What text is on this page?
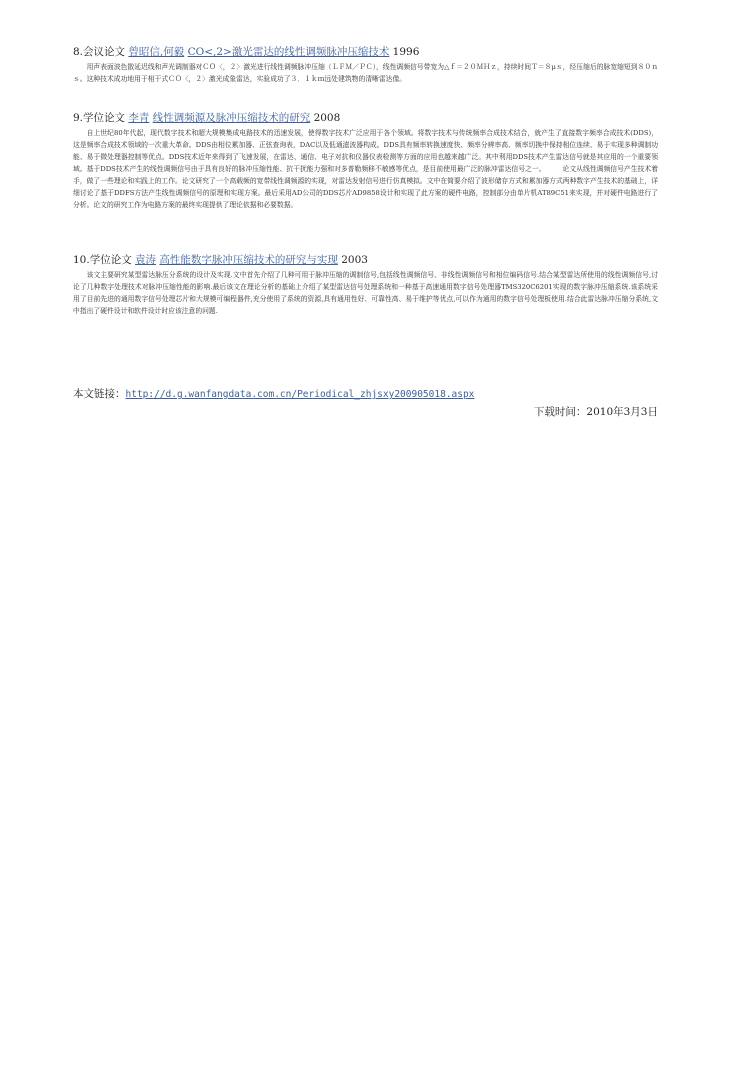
8.会议论文 曾昭信,何毅 CO<,2>激光雷达的线性调频脉冲压缩技术 1996

用声表面波色散延迟线和声光调制器对ＣＯ〈，２〉激光进行线性调频脉冲压缩（ＬＦＭ／ＰＣ），线性调频信号带宽为△ｆ＝２０ＭＨｚ，持续时间Ｔ＝８μｓ，经压缩后的脉宽缩短到８０ｎｓ。这种技术成功地用于相干式ＣＯ〈，２〉激光成象雷达，实验成功了３．１ｋｍ远处建筑物的清晰雷达像。

9.学位论文 李青 线性调频源及脉冲压缩技术的研究 2008

自上世纪80年代起，现代数字技术和超大规模集成电路技术的迅速发展，使得数字技术广泛应用于各个领域。将数字技术与传统频率合成技术结合，就产生了直接数字频率合成技术(DDS)，这是频率合成技术领域的一次重大革命。DDS由相位累加器、正弦查询表，DAC以及低通滤波器构成。DDS具有频率转换速度快、频率分辨率高、频率切换中保持相位连续、易于实现多种调制功能、易于微处理器控制等优点。DDS技术近年来得到了飞速发展，在雷达、通信、电子对抗和仪器仪表检测等方面的应用也越来越广泛。其中利用DDS技术产生雷达信号就是其应用的一个重要领域。基于DDS技术产生的线性调频信号由于具有良好的脉冲压缩性能、抗干扰能力强和对多普勒频移不敏感等优点，是目前使用最广泛的脉冲雷达信号之一。　　　论文从线性调频信号产生技术着手，做了一些理论和实践上的工作。论文研究了一个高载频的宽带线性调频源的实现，对雷达发射信号进行仿真模拟。文中在简要介绍了波形储存方式和累加器方式两种数字产生技术的基础上，详细讨论了基于DDFS方法产生线性调频信号的原理和实现方案。最后采用AD公司的DDS芯片AD9858设计和实现了此方案的硬件电路，控制部分由单片机AT89C51来实现，并对硬件电路进行了分析。论文的研究工作为电路方案的最终实现提供了理论依据和必要数据。

10.学位论文 袁涛 高性能数字脉冲压缩技术的研究与实现 2003

该文主要研究某型雷达脉压分系统的设计及实现.文中首先介绍了几种可用于脉冲压缩的调制信号,包括线性调频信号、非线性调频信号和相位编码信号.结合某型雷达所使用的线性调频信号,讨论了几种数字处理技术对脉冲压缩性能的影响.最后该文在理论分析的基础上介绍了某型雷达信号处理系统和一种基于高速通用数字信号处理器TMS320C6201实现的数字脉冲压缩系统.该系统采用了目前先进的通用数字信号处理芯片和大规模可编程器件,充分使用了系统的资源,具有通用性好、可靠性高、易于维护等优点,可以作为通用的数字信号处理板使用.结合此雷达脉冲压缩分系统,文中指出了硬件设计和软件设计时应该注意的问题.

本文链接：http://d.g.wanfangdata.com.cn/Periodical_zhjsxy200905018.aspx
下载时间：2010年3月3日
